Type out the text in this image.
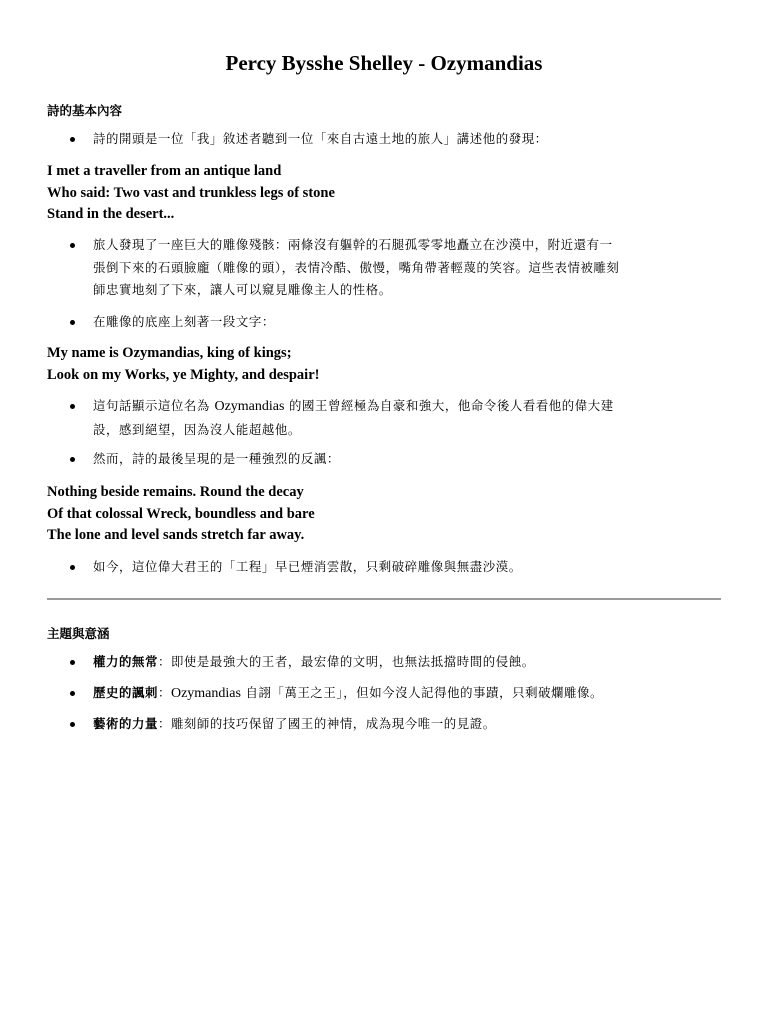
Percy Bysshe Shelley - Ozymandias
詩的基本內容
詩的開頭是一位「我」敘述者聽到一位「來自古遠土地的旅人」講述他的發現：
I met a traveller from an antique land
Who said: Two vast and trunkless legs of stone
Stand in the desert...
旅人發現了一座巨大的雕像殘骸：兩條沒有軀幹的石腿孤零零地矗立在沙漠中，附近還有一
張倒下來的石頭臉龐（雕像的頭），表情冷酷、傲慢，嘴角帶著輕蔑的笑容。這些表情被雕刻
師忠實地刻了下來，讓人可以窺見雕像主人的性格。
在雕像的底座上刻著一段文字：
My name is Ozymandias, king of kings;
Look on my Works, ye Mighty, and despair!
這句話顯示這位名為 Ozymandias 的國王曾經極為自豪和強大，他命令後人看看他的偉大建
設，感到絕望，因為沒人能超越他。
然而，詩的最後呈現的是一種強烈的反諷：
Nothing beside remains. Round the decay
Of that colossal Wreck, boundless and bare
The lone and level sands stretch far away.
如今，這位偉大君王的「工程」早已煙消雲散，只剩破碎雕像與無盡沙漠。
主題與意涵
權力的無常：即使是最強大的王者，最宏偉的文明，也無法抵擋時間的侵蝕。
歷史的諷刺：Ozymandias 自詡「萬王之王」，但如今沒人記得他的事蹟，只剩破爛雕像。
藝術的力量：雕刻師的技巧保留了國王的神情，成為現今唯一的見證。
